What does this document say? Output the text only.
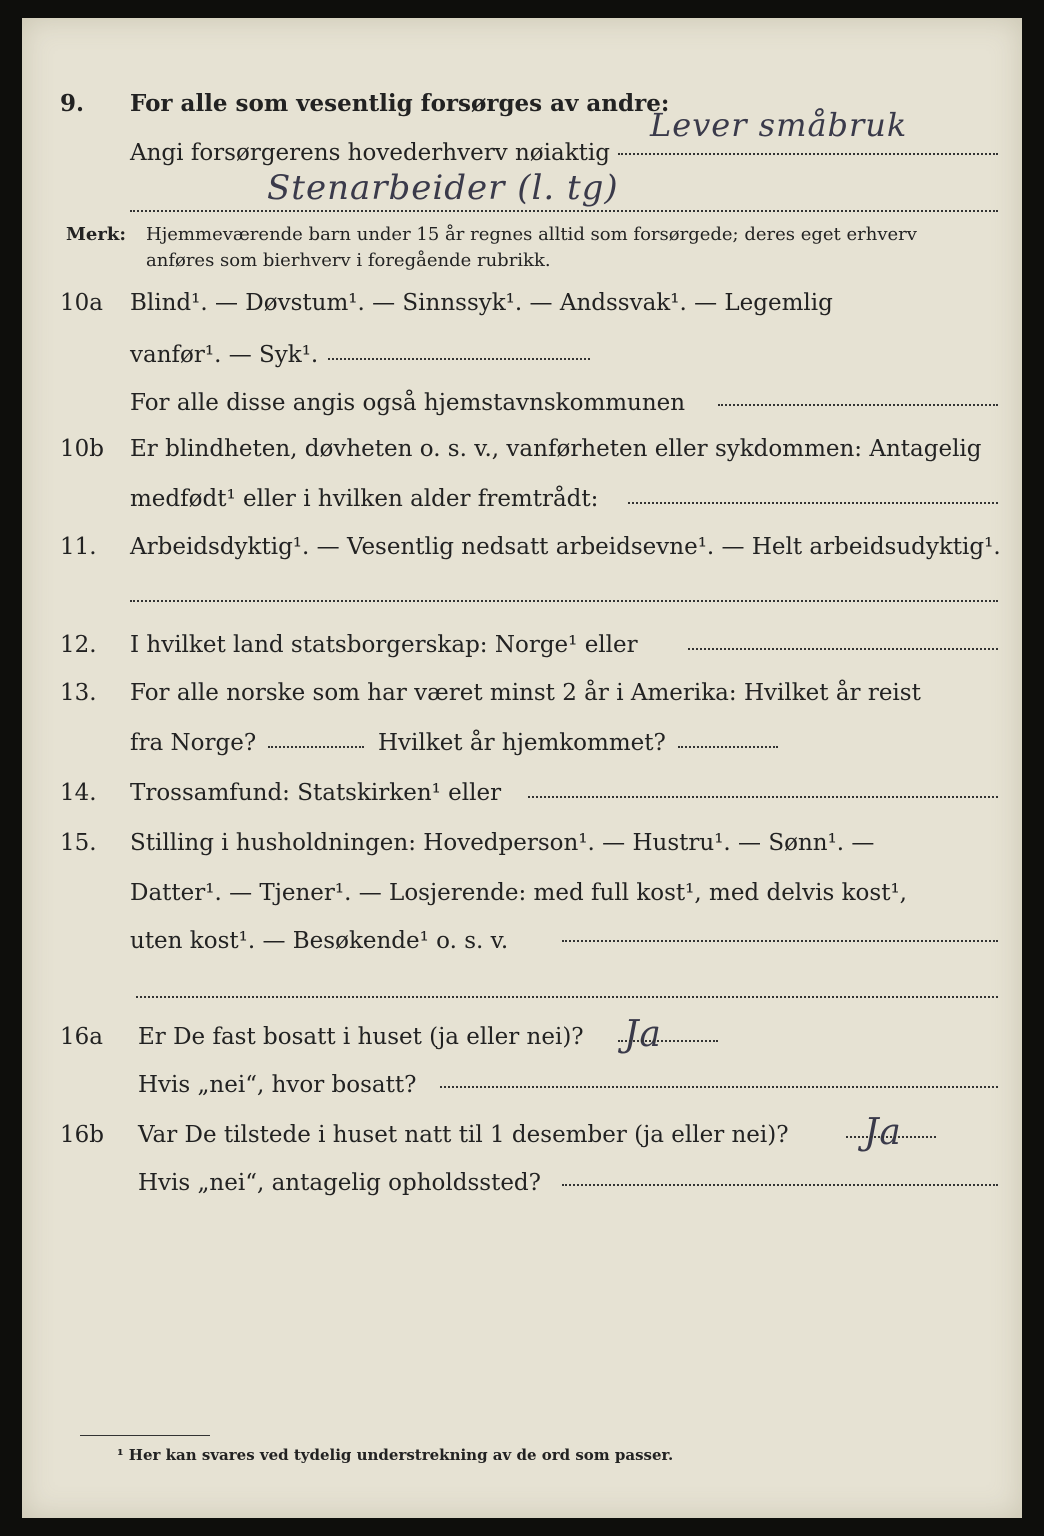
9. For alle som vesentlig forsørges av andre:
Lever småbruk
Angi forsørgerens hovederhverv nøiaktig
Stenarbeider (l. tg)
Merk: Hjemmeværende barn under 15 år regnes alltid som forsørgede; deres eget erhverv
anføres som bierhverv i foregående rubrikk.
10a Blind¹. — Døvstum¹. — Sinnssyk¹. — Andssvak¹. — Legemlig
vanfør¹. — Syk¹.
For alle disse angis også hjemstavnskommunen
10b Er blindheten, døvheten o. s. v., vanførheten eller sykdommen: Antagelig
medfødt¹ eller i hvilken alder fremtrådt:
11. Arbeidsdyktig¹. — Vesentlig nedsatt arbeidsevne¹. — Helt arbeidsudyktig¹.
12. I hvilket land statsborgerskap: Norge¹ eller
13. For alle norske som har været minst 2 år i Amerika: Hvilket år reist
fra Norge?	Hvilket år hjemkommet?
14. Trossamfund: Statskirken¹ eller
15. Stilling i husholdningen: Hovedperson¹. — Hustru¹. — Sønn¹. —
Datter¹. — Tjener¹. — Losjerende: med full kost¹, med delvis kost¹,
uten kost¹. — Besøkende¹ o. s. v.
16a Er De fast bosatt i huset (ja eller nei)? Ja
Hvis „nei“, hvor bosatt?
16b Var De tilstede i huset natt til 1 desember (ja eller nei)? Ja
Hvis „nei“, antagelig opholdssted?
¹ Her kan svares ved tydelig understrekning av de ord som passer.
